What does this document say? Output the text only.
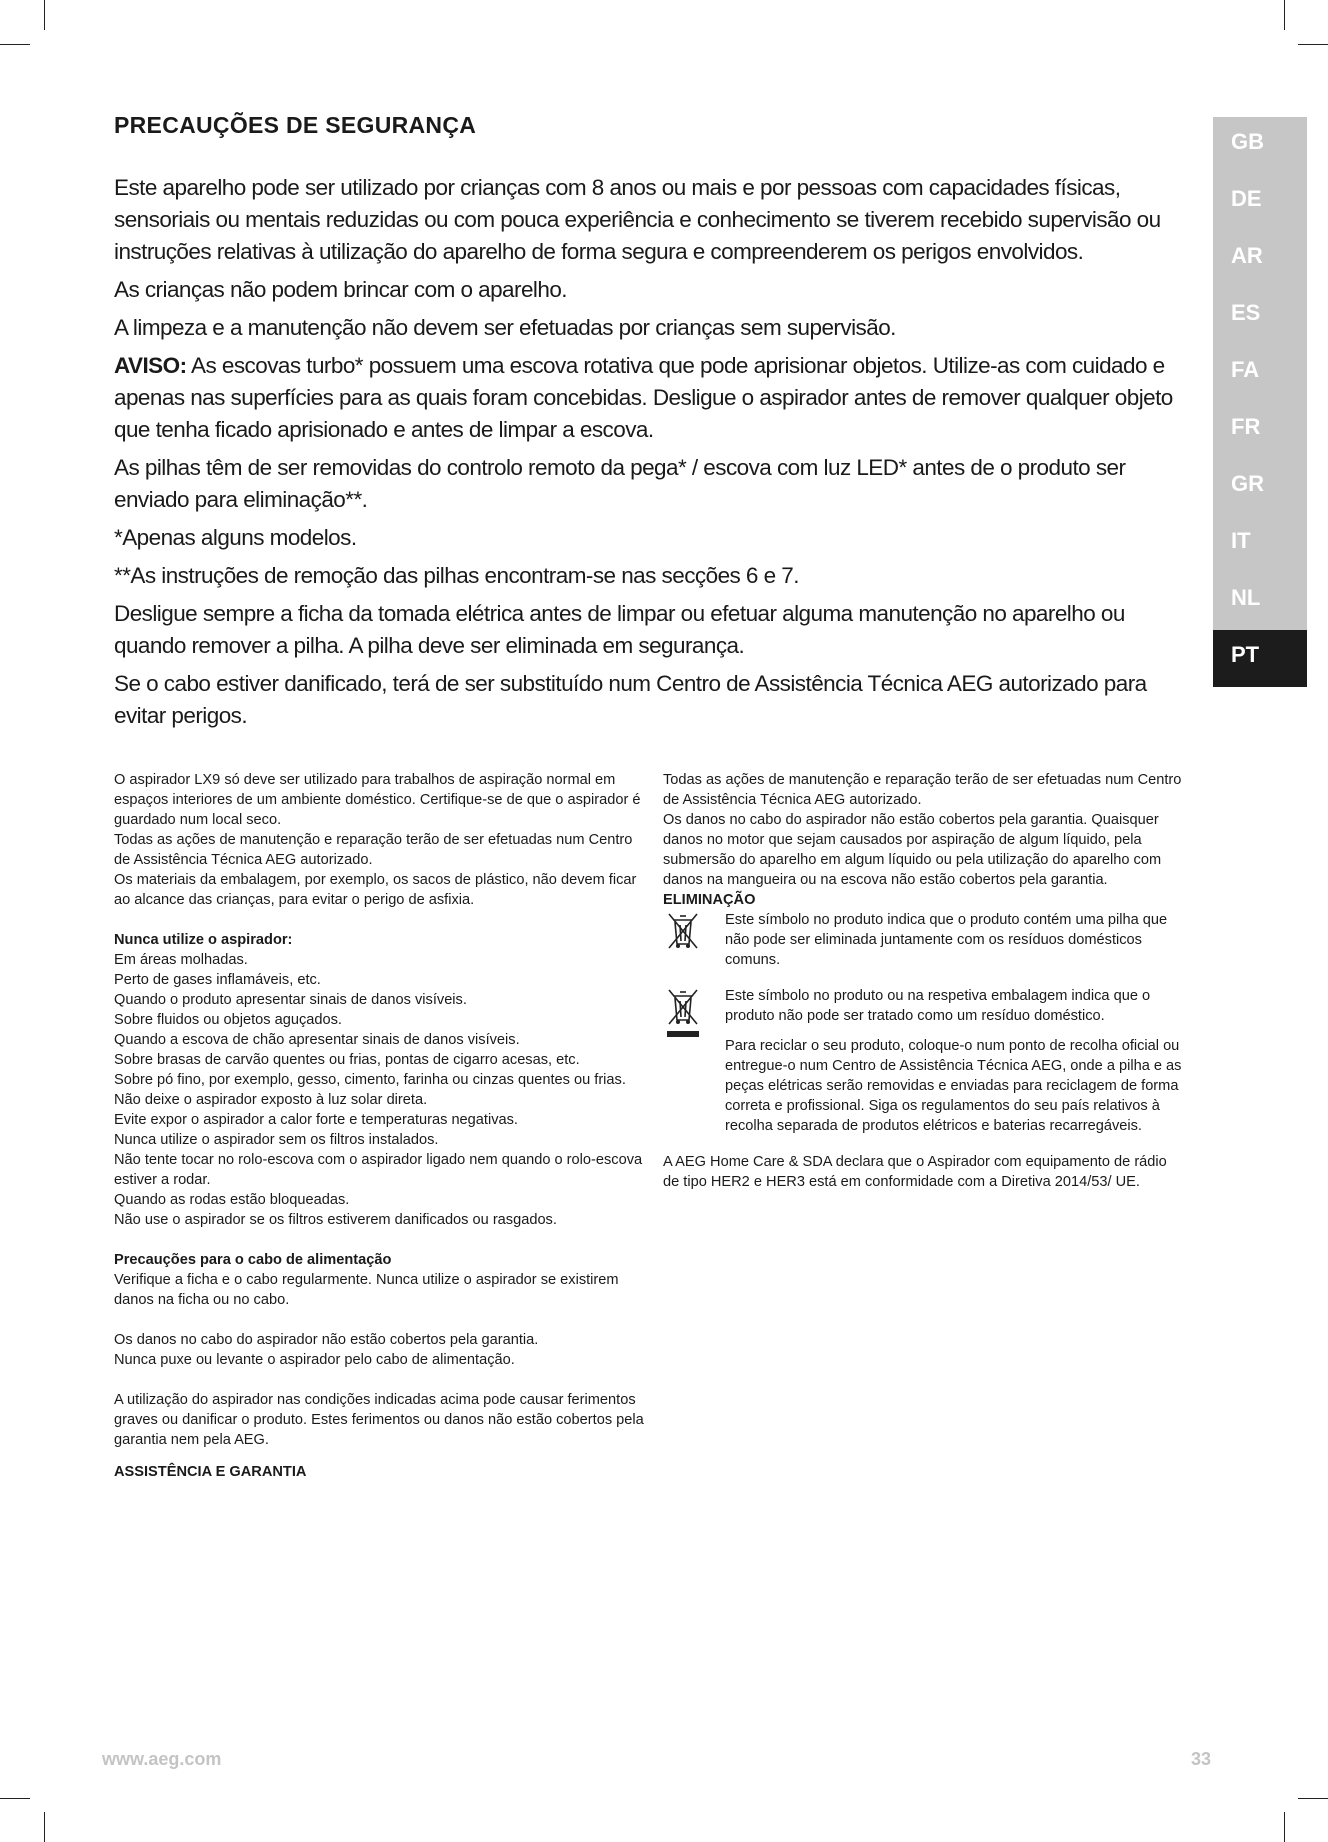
PRECAUÇÕES DE SEGURANÇA

Este aparelho pode ser utilizado por crianças com 8 anos ou mais e por pessoas com capacidades físicas, sensoriais ou mentais reduzidas ou com pouca experiência e conhecimento se tiverem recebido supervisão ou instruções relativas à utilização do aparelho de forma segura e compreenderem os perigos envolvidos.

As crianças não podem brincar com o aparelho.

A limpeza e a manutenção não devem ser efetuadas por crianças sem supervisão.

AVISO: As escovas turbo* possuem uma escova rotativa que pode aprisionar objetos. Utilize-as com cuidado e apenas nas superfícies para as quais foram concebidas. Desligue o aspirador antes de remover qualquer objeto que tenha ficado aprisionado e antes de limpar a escova.

As pilhas têm de ser removidas do controlo remoto da pega* / escova com luz LED* antes de o produto ser enviado para eliminação**.

*Apenas alguns modelos.

**As instruções de remoção das pilhas encontram-se nas secções 6 e 7.

Desligue sempre a ficha da tomada elétrica antes de limpar ou efetuar alguma manutenção no aparelho ou quando remover a pilha. A pilha deve ser eliminada em segurança.

Se o cabo estiver danificado, terá de ser substituído num Centro de Assistência Técnica AEG autorizado para evitar perigos.

GB
DE
AR
ES
FA
FR
GR
IT
NL
PT

O aspirador LX9 só deve ser utilizado para trabalhos de aspiração normal em espaços interiores de um ambiente doméstico. Certifique-se de que o aspirador é guardado num local seco.

Todas as ações de manutenção e reparação terão de ser efetuadas num Centro de Assistência Técnica AEG autorizado.

Os materiais da embalagem, por exemplo, os sacos de plástico, não devem ficar ao alcance das crianças, para evitar o perigo de asfixia.

Nunca utilize o aspirador:

Em áreas molhadas.

Perto de gases inflamáveis, etc.

Quando o produto apresentar sinais de danos visíveis.

Sobre fluidos ou objetos aguçados.

Quando a escova de chão apresentar sinais de danos visíveis.

Sobre brasas de carvão quentes ou frias, pontas de cigarro acesas, etc.

Sobre pó fino, por exemplo, gesso, cimento, farinha ou cinzas quentes ou frias.

Não deixe o aspirador exposto à luz solar direta.

Evite expor o aspirador a calor forte e temperaturas negativas.

Nunca utilize o aspirador sem os filtros instalados.

Não tente tocar no rolo-escova com o aspirador ligado nem quando o rolo-escova estiver a rodar.

Quando as rodas estão bloqueadas.

Não use o aspirador se os filtros estiverem danificados ou rasgados.

Precauções para o cabo de alimentação

Verifique a ficha e o cabo regularmente. Nunca utilize o aspirador se existirem danos na ficha ou no cabo.

Os danos no cabo do aspirador não estão cobertos pela garantia.

Nunca puxe ou levante o aspirador pelo cabo de alimentação.

A utilização do aspirador nas condições indicadas acima pode causar ferimentos graves ou danificar o produto. Estes ferimentos ou danos não estão cobertos pela garantia nem pela AEG.

ASSISTÊNCIA E GARANTIA

Todas as ações de manutenção e reparação terão de ser efetuadas num Centro de Assistência Técnica AEG autorizado.

Os danos no cabo do aspirador não estão cobertos pela garantia. Quaisquer danos no motor que sejam causados por aspiração de algum líquido, pela submersão do aparelho em algum líquido ou pela utilização do aparelho com danos na mangueira ou na escova não estão cobertos pela garantia.

ELIMINAÇÃO

Este símbolo no produto indica que o produto contém uma pilha que não pode ser eliminada juntamente com os resíduos domésticos comuns.

Este símbolo no produto ou na respetiva embalagem indica que o produto não pode ser tratado como um resíduo doméstico.

Para reciclar o seu produto, coloque-o num ponto de recolha oficial ou entregue-o num Centro de Assistência Técnica AEG, onde a pilha e as peças elétricas serão removidas e enviadas para reciclagem de forma correta e profissional. Siga os regulamentos do seu país relativos à recolha separada de produtos elétricos e baterias recarregáveis.

A AEG Home Care & SDA declara que o Aspirador com equipamento de rádio de tipo HER2 e HER3 está em conformidade com a Diretiva 2014/53/ UE.

www.aeg.com	33
